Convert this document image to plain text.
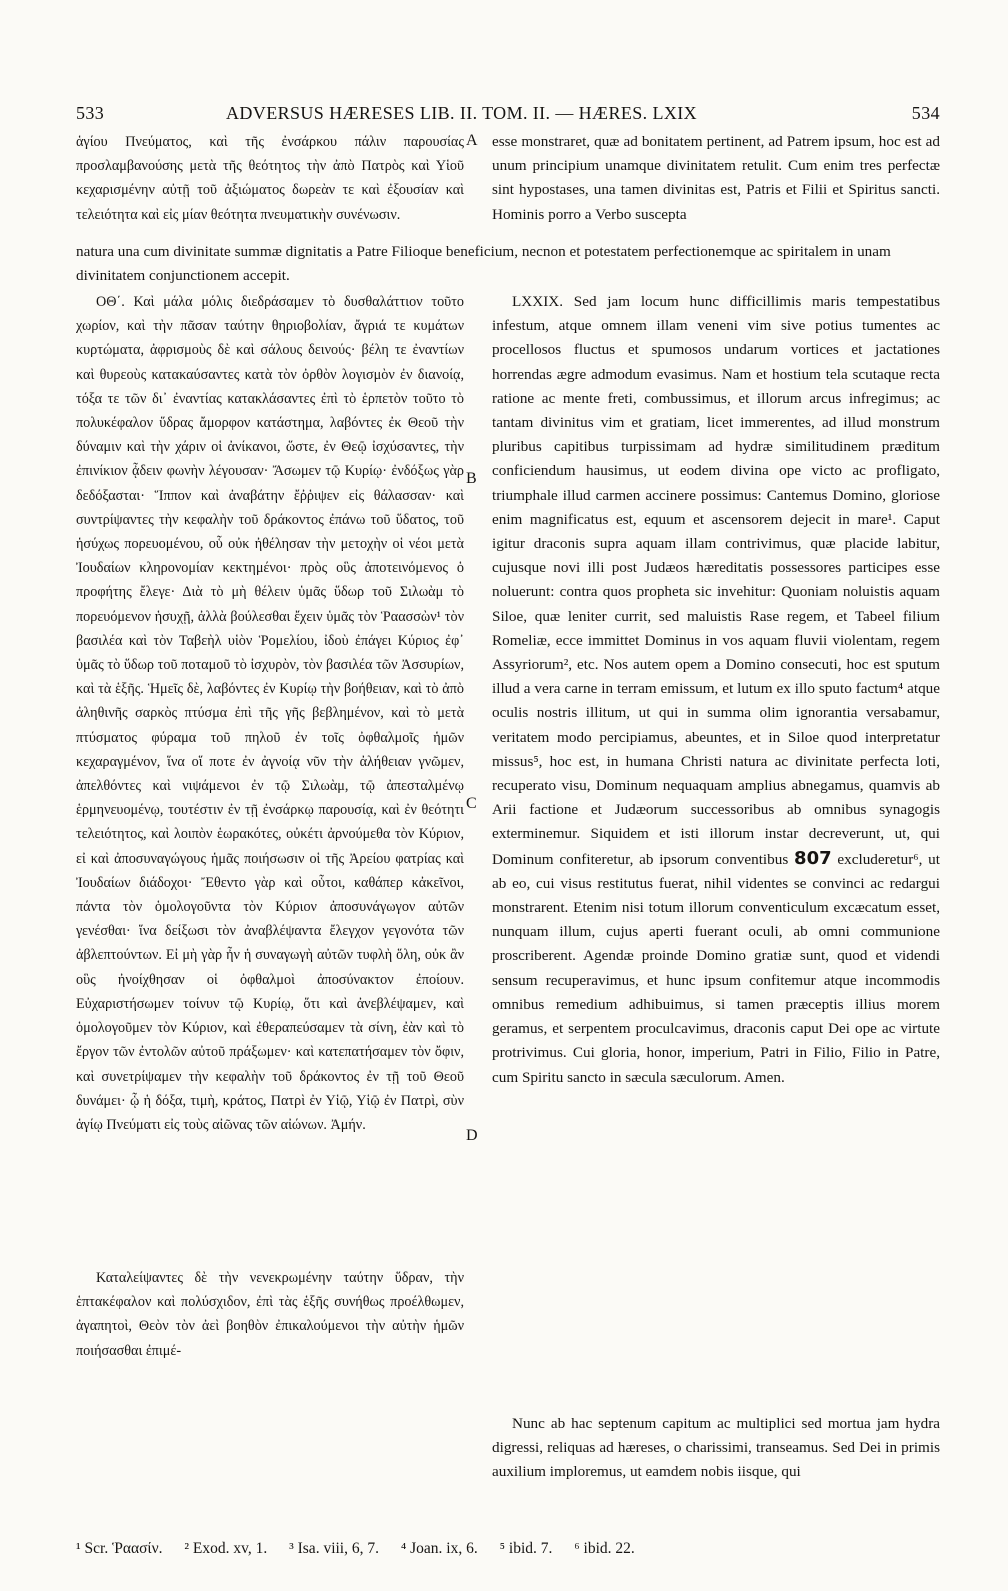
533	ADVERSUS HÆRESES LIB. II. TOM. II. — HÆRES. LXIX	534

ἁγίου Πνεύματος, καὶ τῆς ἐνσάρκου πάλιν παρουσίας προσλαμβανούσης μετὰ τῆς θεότητος τὴν ἀπὸ Πατρὸς καὶ Υἱοῦ κεχαρισμένην αὐτῇ τοῦ ἀξιώματος δωρεὰν τε καὶ ἐξουσίαν καὶ τελειότητα καὶ εἰς μίαν θεότητα πνευματικὴν συνένωσιν.

esse monstraret, quæ ad bonitatem pertinent, ad Patrem ipsum, hoc est ad unum principium unamque divinitatem retulit. Cum enim tres perfectæ sint hypostases, una tamen divinitas est, Patris et Filii et Spiritus sancti. Hominis porro a Verbo suscepta

natura una cum divinitate summæ dignitatis a Patre Filioque beneficium, necnon et potestatem perfectionemque ac spiritalem in unam divinitatem conjunctionem accepit.

A
B
C
D

ΟΘ΄. Καὶ μάλα μόλις διεδράσαμεν τὸ δυσθαλάττιον τοῦτο χωρίον, καὶ τὴν πᾶσαν ταύτην θηριοβολίαν, ἄγριά τε κυμάτων κυρτώματα, ἀφρισμοὺς δὲ καὶ σάλους δεινούς· βέλη τε ἐναντίων καὶ θυρεοὺς κατακαύσαντες κατὰ τὸν ὀρθὸν λογισμὸν ἐν διανοίᾳ, τόξα τε τῶν δι᾽ ἐναντίας κατακλάσαντες ἐπὶ τὸ ἑρπετὸν τοῦτο τὸ πολυκέφαλον ὕδρας ἄμορφον κατάστημα, λαβόντες ἐκ Θεοῦ τὴν δύναμιν καὶ τὴν χάριν οἱ ἀνίκανοι, ὥστε, ἐν Θεῷ ἰσχύσαντες, τὴν ἐπινίκιον ᾆδειν φωνὴν λέγουσαν· Ἄσωμεν τῷ Κυρίῳ· ἐνδόξως γὰρ δεδόξασται· Ἵππον καὶ ἀναβάτην ἔῤῥιψεν εἰς θάλασσαν· καὶ συντρίψαντες τὴν κεφαλὴν τοῦ δράκοντος ἐπάνω τοῦ ὕδατος, τοῦ ἡσύχως πορευομένου, οὗ οὐκ ἠθέλησαν τὴν μετοχὴν οἱ νέοι μετὰ Ἰουδαίων κληρονομίαν κεκτημένοι· πρὸς οὓς ἀποτεινόμενος ὁ προφήτης ἔλεγε· Διὰ τὸ μὴ θέλειν ὑμᾶς ὕδωρ τοῦ Σιλωὰμ τὸ πορευόμενον ἡσυχῇ, ἀλλὰ βούλεσθαι ἔχειν ὑμᾶς τὸν Ῥαασσὼν¹ τὸν βασιλέα καὶ τὸν Ταβεὴλ υἱὸν Ῥομελίου, ἰδοὺ ἐπάγει Κύριος ἐφ᾽ ὑμᾶς τὸ ὕδωρ τοῦ ποταμοῦ τὸ ἰσχυρὸν, τὸν βασιλέα τῶν Ἀσσυρίων, καὶ τὰ ἑξῆς. Ἡμεῖς δὲ, λαβόντες ἐν Κυρίῳ τὴν βοήθειαν, καὶ τὸ ἀπὸ ἀληθινῆς σαρκὸς πτύσμα ἐπὶ τῆς γῆς βεβλημένον, καὶ τὸ μετὰ πτύσματος φύραμα τοῦ πηλοῦ ἐν τοῖς ὀφθαλμοῖς ἡμῶν κεχαραγμένον, ἵνα οἵ ποτε ἐν ἀγνοίᾳ νῦν τὴν ἀλήθειαν γνῶμεν, ἀπελθόντες καὶ νιψάμενοι ἐν τῷ Σιλωὰμ, τῷ ἀπεσταλμένῳ ἑρμηνευομένῳ, τουτέστιν ἐν τῇ ἐνσάρκῳ παρουσίᾳ, καὶ ἐν θεότητι τελειότητος, καὶ λοιπὸν ἑωρακότες, οὐκέτι ἀρνούμεθα τὸν Κύριον, εἰ καὶ ἀποσυναγώγους ἡμᾶς ποιήσωσιν οἱ τῆς Ἀρείου φατρίας καὶ Ἰουδαίων διάδοχοι· Ἔθεντο γὰρ καὶ οὗτοι, καθάπερ κἀκεῖνοι, πάντα τὸν ὁμολογοῦντα τὸν Κύριον ἀποσυνάγωγον αὐτῶν γενέσθαι· ἵνα δείξωσι τὸν ἀναβλέψαντα ἔλεγχον γεγονότα τῶν ἀβλεπτούντων. Εἰ μὴ γὰρ ἦν ἡ συναγωγὴ αὐτῶν τυφλὴ ὅλη, οὐκ ἂν οὓς ἠνοίχθησαν οἱ ὀφθαλμοὶ ἀποσύνακτον ἐποίουν. Εὐχαριστήσωμεν τοίνυν τῷ Κυρίῳ, ὅτι καὶ ἀνεβλέψαμεν, καὶ ὁμολογοῦμεν τὸν Κύριον, καὶ ἐθεραπεύσαμεν τὰ σίνη, ἐὰν καὶ τὸ ἔργον τῶν ἐντολῶν αὐτοῦ πράξωμεν· καὶ κατεπατήσαμεν τὸν ὄφιν, καὶ συνετρίψαμεν τὴν κεφαλὴν τοῦ δράκοντος ἐν τῇ τοῦ Θεοῦ δυνάμει· ᾧ ἡ δόξα, τιμὴ, κράτος, Πατρὶ ἐν Υἱῷ, Υἱῷ ἐν Πατρὶ, σὺν ἁγίῳ Πνεύματι εἰς τοὺς αἰῶνας τῶν αἰώνων. Ἀμήν.

LXXIX. Sed jam locum hunc difficillimis maris tempestatibus infestum, atque omnem illam veneni vim sive potius tumentes ac procellosos fluctus et spumosos undarum vortices et jactationes horrendas ægre admodum evasimus. Nam et hostium tela scutaque recta ratione ac mente freti, combussimus, et illorum arcus infregimus; ac tantam divinitus vim et gratiam, licet immerentes, ad illud monstrum pluribus capitibus turpissimam ad hydræ similitudinem præditum conficiendum hausimus, ut eodem divina ope victo ac profligato, triumphale illud carmen accinere possimus: Cantemus Domino, gloriose enim magnificatus est, equum et ascensorem dejecit in mare¹. Caput igitur draconis supra aquam illam contrivimus, quæ placide labitur, cujusque novi illi post Judæos hæreditatis possessores participes esse noluerunt: contra quos propheta sic invehitur: Quoniam noluistis aquam Siloe, quæ leniter currit, sed maluistis Rase regem, et Tabeel filium Romeliæ, ecce immittet Dominus in vos aquam fluvii violentam, regem Assyriorum², etc. Nos autem opem a Domino consecuti, hoc est sputum illud a vera carne in terram emissum, et lutum ex illo sputo factum⁴ atque oculis nostris illitum, ut qui in summa olim ignorantia versabamur, veritatem modo percipiamus, abeuntes, et in Siloe quod interpretatur missus⁵, hoc est, in humana Christi natura ac divinitate perfecta loti, recuperato visu, Dominum nequaquam amplius abnegamus, quamvis ab Arii factione et Judæorum successoribus ab omnibus synagogis exterminemur. Siquidem et isti illorum instar decreverunt, ut, qui Dominum confiteretur, ab ipsorum conventibus 807 excluderetur⁶, ut ab eo, cui visus restitutus fuerat, nihil videntes se convinci ac redargui monstrarent. Etenim nisi totum illorum conventiculum excæcatum esset, nunquam illum, cujus aperti fuerant oculi, ab omni communione proscriberent. Agendæ proinde Domino gratiæ sunt, quod et videndi sensum recuperavimus, et hunc ipsum confitemur atque incommodis omnibus remedium adhibuimus, si tamen præceptis illius morem geramus, et serpentem proculcavimus, draconis caput Dei ope ac virtute protrivimus. Cui gloria, honor, imperium, Patri in Filio, Filio in Patre, cum Spiritu sancto in sæcula sæculorum. Amen.

Καταλείψαντες δὲ τὴν νενεκρωμένην ταύτην ὕδραν, τὴν ἑπτακέφαλον καὶ πολύσχιδον, ἐπὶ τὰς ἑξῆς συνήθως προέλθωμεν, ἀγαπητοὶ, Θεὸν τὸν ἀεὶ βοηθὸν ἐπικαλούμενοι τὴν αὐτὴν ἡμῶν ποιήσασθαι ἐπιμέ-

Nunc ab hac septenum capitum ac multiplici sed mortua jam hydra digressi, reliquas ad hæreses, o charissimi, transeamus. Sed Dei in primis auxilium imploremus, ut eamdem nobis iisque, qui

¹ Scr. Ῥαασίν. ² Exod. xv, 1. ³ Isa. viii, 6, 7. ⁴ Joan. ix, 6. ⁵ ibid. 7. ⁶ ibid. 22.
